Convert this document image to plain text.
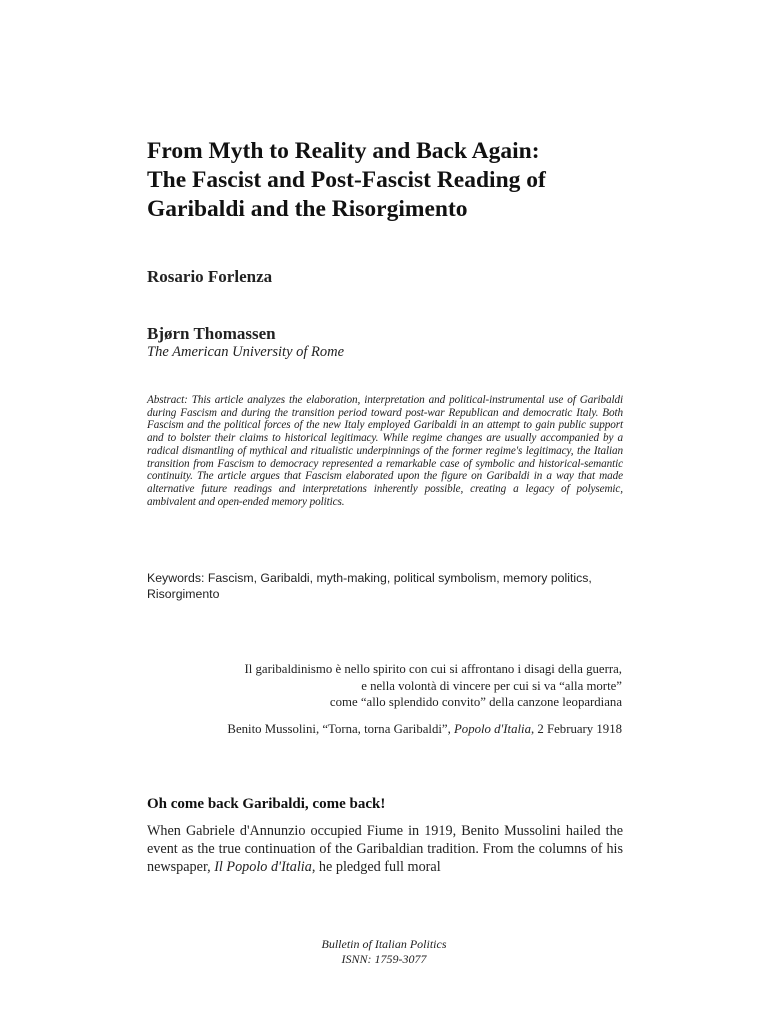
From Myth to Reality and Back Again:
The Fascist and Post-Fascist Reading of
Garibaldi and the Risorgimento
Rosario Forlenza
Bjørn Thomassen
The American University of Rome
Abstract: This article analyzes the elaboration, interpretation and political-instrumental use of Garibaldi during Fascism and during the transition period toward post-war Republican and democratic Italy. Both Fascism and the political forces of the new Italy employed Garibaldi in an attempt to gain public support and to bolster their claims to historical legitimacy. While regime changes are usually accompanied by a radical dismantling of mythical and ritualistic underpinnings of the former regime's legitimacy, the Italian transition from Fascism to democracy represented a remarkable case of symbolic and historical-semantic continuity. The article argues that Fascism elaborated upon the figure on Garibaldi in a way that made alternative future readings and interpretations inherently possible, creating a legacy of polysemic, ambivalent and open-ended memory politics.
Keywords: Fascism, Garibaldi, myth-making, political symbolism, memory politics, Risorgimento
Il garibaldinismo è nello spirito con cui si affrontano i disagi della guerra,
e nella volontà di vincere per cui si va “alla morte”
come “allo splendido convito” della canzone leopardiana
Benito Mussolini, “Torna, torna Garibaldi”, Popolo d'Italia, 2 February 1918
Oh come back Garibaldi, come back!
When Gabriele d'Annunzio occupied Fiume in 1919, Benito Mussolini hailed the event as the true continuation of the Garibaldian tradition. From the columns of his newspaper, Il Popolo d'Italia, he pledged full moral
Bulletin of Italian Politics
ISNN: 1759-3077
